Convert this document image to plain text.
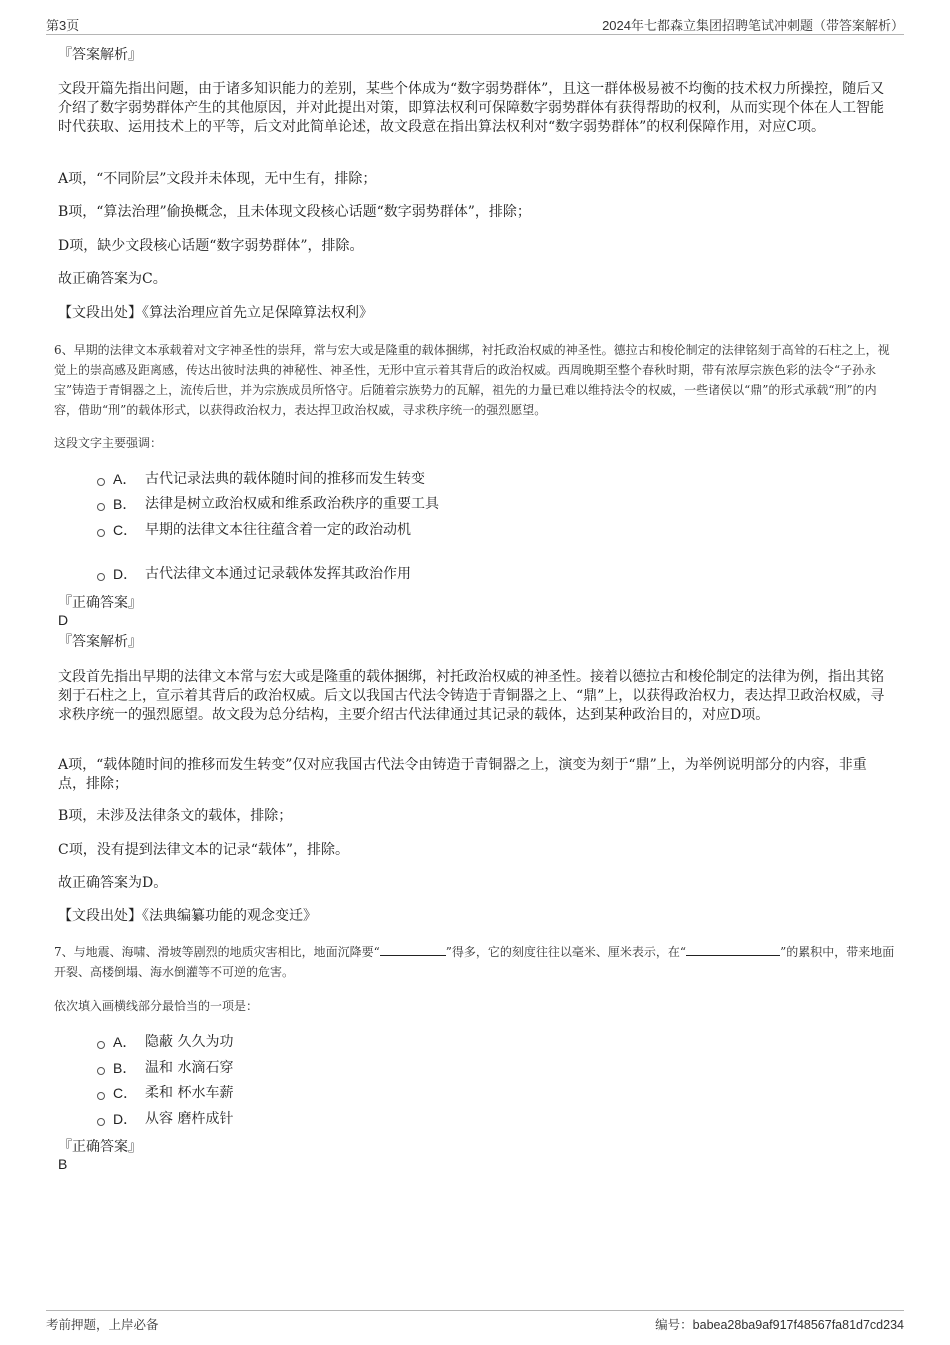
第3页	2024年七都森立集团招聘笔试冲刺题（带答案解析）
『答案解析』
文段开篇先指出问题，由于诸多知识能力的差别，某些个体成为“数字弱势群体”，且这一群体极易被不均衡的技术权力所操控，随后又介绍了数字弱势群体产生的其他原因，并对此提出对策，即算法权利可保障数字弱势群体有获得帮助的权利，从而实现个体在人工智能时代获取、运用技术上的平等，后文对此简单论述，故文段意在指出算法权利对“数字弱势群体”的权利保障作用，对应C项。
A项，“不同阶层”文段并未体现，无中生有，排除；
B项，“算法治理”偷换概念，且未体现文段核心话题“数字弱势群体”，排除；
D项，缺少文段核心话题“数字弱势群体”，排除。
故正确答案为C。
【文段出处】《算法治理应首先立足保障算法权利》
6、早期的法律文本承载着对文字神圣性的崇拜，常与宏大或是隆重的载体捆绑，衬托政治权威的神圣性。德拉古和梭伦制定的法律铭刻于高耸的石柱之上，视觉上的崇高感及距离感，传达出彼时法典的神秘性、神圣性，无形中宣示着其背后的政治权威。西周晚期至整个春秋时期，带有浓厚宗族色彩的法令“子孙永宝”铸造于青铜器之上，流传后世，并为宗族成员所恪守。后随着宗族势力的瓦解，祖先的力量已难以维持法令的权威，一些诸侯以“鼎”的形式承载“刑”的内容，借助“刑”的载体形式，以获得政治权力，表达捍卫政治权威，寻求秩序统一的强烈愿望。
这段文字主要强调：
A． 古代记录法典的载体随时间的推移而发生转变
B． 法律是树立政治权威和维系政治秩序的重要工具
C． 早期的法律文本往往蕴含着一定的政治动机
D． 古代法律文本通过记录载体发挥其政治作用
『正确答案』
D
『答案解析』
文段首先指出早期的法律文本常与宏大或是隆重的载体捆绑，衬托政治权威的神圣性。接着以德拉古和梭伦制定的法律为例，指出其铭刻于石柱之上，宣示着其背后的政治权威。后文以我国古代法令铸造于青铜器之上、“鼎”上，以获得政治权力，表达捍卫政治权威，寻求秩序统一的强烈愿望。故文段为总分结构，主要介绍古代法律通过其记录的载体，达到某种政治目的，对应D项。
A项，“载体随时间的推移而发生转变”仅对应我国古代法令由铸造于青铜器之上，演变为刻于“鼎”上，为举例说明部分的内容，非重点，排除；
B项，未涉及法律条文的载体，排除；
C项，没有提到法律文本的记录“载体”，排除。
故正确答案为D。
【文段出处】《法典编纂功能的观念变迁》
7、与地震、海啸、滑坡等剧烈的地质灾害相比，地面沉降要“	”得多，它的刻度往往以毫米、厘米表示，在“	”的累积中，带来地面开裂、高楼倒塌、海水倒灌等不可逆的危害。
依次填入画横线部分最恰当的一项是：
A． 隐蔽 久久为功
B． 温和 水滴石穿
C． 柔和 杯水车薪
D． 从容 磨杵成针
『正确答案』
B
考前押题，上岸必备	编号：babea28ba9af917f48567fa81d7cd234
